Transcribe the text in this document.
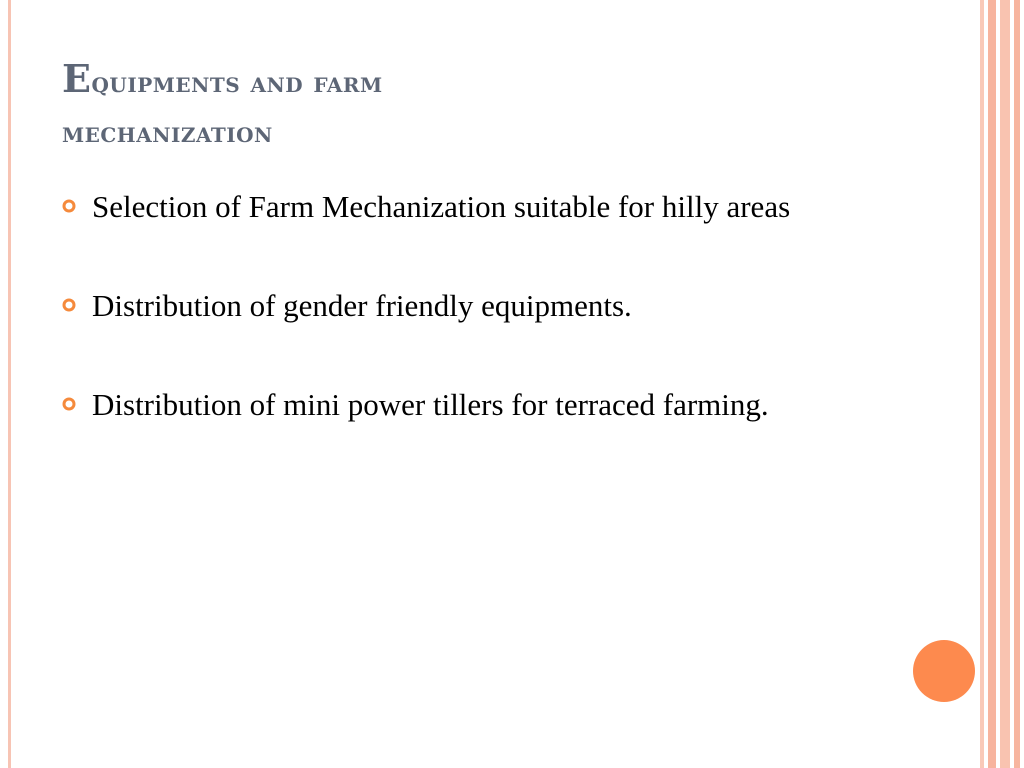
Equipments and farm
mechanization
Selection of Farm Mechanization suitable for hilly areas
Distribution of gender friendly equipments.
Distribution of mini power tillers for terraced farming.
